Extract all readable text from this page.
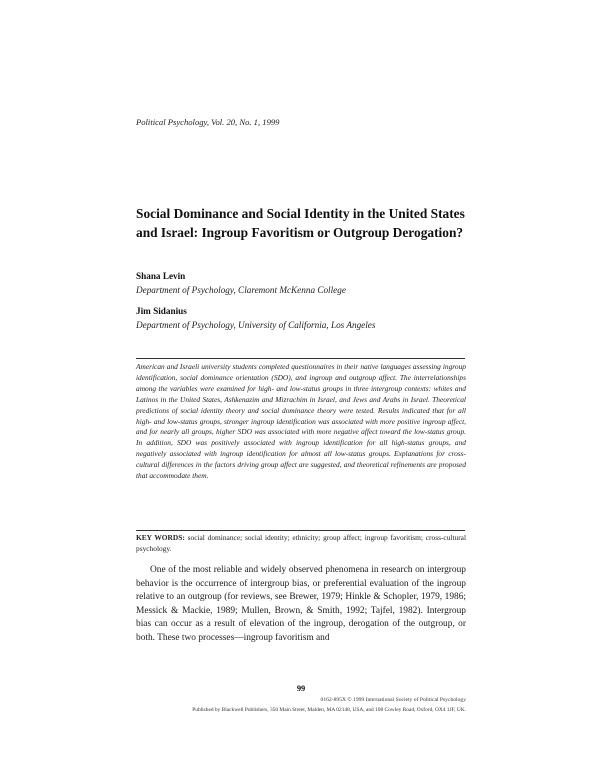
Political Psychology, Vol. 20, No. 1, 1999
Social Dominance and Social Identity in the United States and Israel: Ingroup Favoritism or Outgroup Derogation?
Shana Levin
Department of Psychology, Claremont McKenna College
Jim Sidanius
Department of Psychology, University of California, Los Angeles

American and Israeli university students completed questionnaires in their native languages assessing ingroup identification, social dominance orientation (SDO), and ingroup and outgroup affect. The interrelationships among the variables were examined for high- and low-status groups in three intergroup contexts: whites and Latinos in the United States, Ashkenazim and Mizrachim in Israel, and Jews and Arabs in Israel. Theoretical predictions of social identity theory and social dominance theory were tested. Results indicated that for all high- and low-status groups, stronger ingroup identification was associated with more positive ingroup affect, and for nearly all groups, higher SDO was associated with more negative affect toward the low-status group. In addition, SDO was positively associated with ingroup identification for all high-status groups, and negatively associated with ingroup identification for almost all low-status groups. Explanations for cross-cultural differences in the factors driving group affect are suggested, and theoretical refinements are proposed that accommodate them.

KEY WORDS: social dominance; social identity; ethnicity; group affect; ingroup favoritism; cross-cultural psychology.

One of the most reliable and widely observed phenomena in research on intergroup behavior is the occurrence of intergroup bias, or preferential evaluation of the ingroup relative to an outgroup (for reviews, see Brewer, 1979; Hinkle & Schopler, 1979, 1986; Messick & Mackie, 1989; Mullen, Brown, & Smith, 1992; Tajfel, 1982). Intergroup bias can occur as a result of elevation of the ingroup, derogation of the outgroup, or both. These two processes—ingroup favoritism and

99
0162-895X © 1999 International Society of Political Psychology
Published by Blackwell Publishers, 350 Main Street, Malden, MA 02148, USA, and 108 Cowley Road, Oxford, OX4 1JF, UK.
